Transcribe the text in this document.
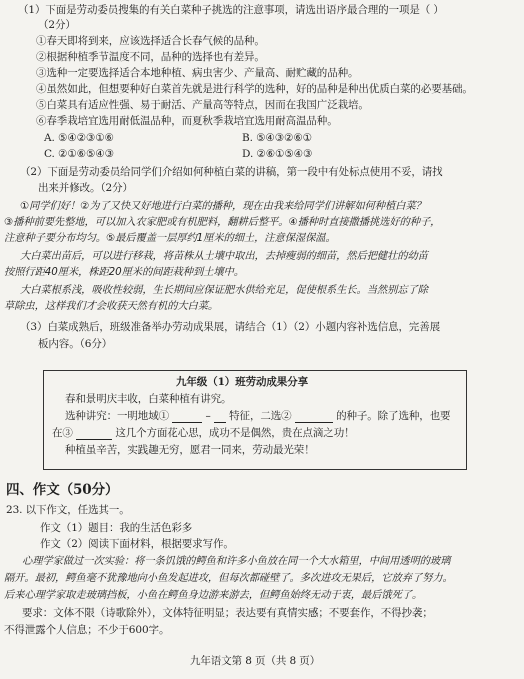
（1）下面是劳动委员搜集的有关白菜种子挑选的注意事项，请选出语序最合理的一项是（ ）
（2分）
①春天即将到来，应该选择适合长春气候的品种。
②根据种植季节温度不同，品种的选择也有差异。
③选种一定要选择适合本地种植、病虫害少、产量高、耐贮藏的品种。
④虽然如此，但想要种好白菜首先就是进行科学的选种，好的品种是种出优质白菜的必要基础。
⑤白菜具有适应性强、易于耐活、产量高等特点，因而在我国广泛栽培。
⑥春季栽培宜选用耐低温品种，而夏秋季栽培宜选用耐高温品种。
A. ⑤④②③①⑥	B. ⑤④③②⑥①
C. ②①⑥⑤④③	D. ②⑥①⑤④③
（2）下面是劳动委员给同学们介绍如何种植白菜的讲稿，第一段中有处标点使用不妥，请找
出来并修改。（2分）
①同学们好！②为了又快又好地进行白菜的播种，现在由我来给同学们讲解如何种植白菜？
③播种前要先整地，可以加入农家肥或有机肥料，翻耕后整平。④播种时直接撒播挑选好的种子，
注意种子要分布均匀。⑤最后覆盖一层厚约1厘米的细土，注意保湿保温。
大白菜出苗后，可以进行移栽，将苗株从土壤中取出，去掉瘦弱的细苗，然后把健壮的幼苗
按照行距40厘米，株距20厘米的间距栽种到土壤中。
大白菜根系浅，吸收性较弱，生长期间应保证肥水供给充足，促使根系生长。当然别忘了除
草除虫，这样我们才会收获天然有机的大白菜。
（3）白菜成熟后，班级准备举办劳动成果展，请结合（1）（2）小题内容补选信息，完善展
板内容。（6分）
九年级（1）班劳动成果分享
春和景明庆丰收，白菜种植有讲究。
选种讲究：一明地域①	– 特征，二选②	的种子。除了选种，也要
在③	这几个方面花心思，成功不是偶然，贵在点滴之功！
种植虽辛苦，实践趣无穷，愿君一同来，劳动最光荣！
四、作文（50分）
23. 以下作文，任选其一。
作文（1）题目：我的生活色彩多
作文（2）阅读下面材料，根据要求写作。
心理学家做过一次实验：将一条饥饿的鳄鱼和许多小鱼放在同一个大水箱里，中间用透明的玻璃
隔开。最初，鳄鱼毫不犹豫地向小鱼发起进攻，但每次都碰壁了。多次进攻无果后，它放弃了努力。
后来心理学家取走玻璃挡板，小鱼在鳄鱼身边游来游去，但鳄鱼始终无动于衷，最后饿死了。
要求：文体不限（诗歌除外），文体特征明显；表达要有真情实感；不要套作，不得抄袭；
不得泄露个人信息；不少于600字。
九年语文第 8 页（共 8 页）
